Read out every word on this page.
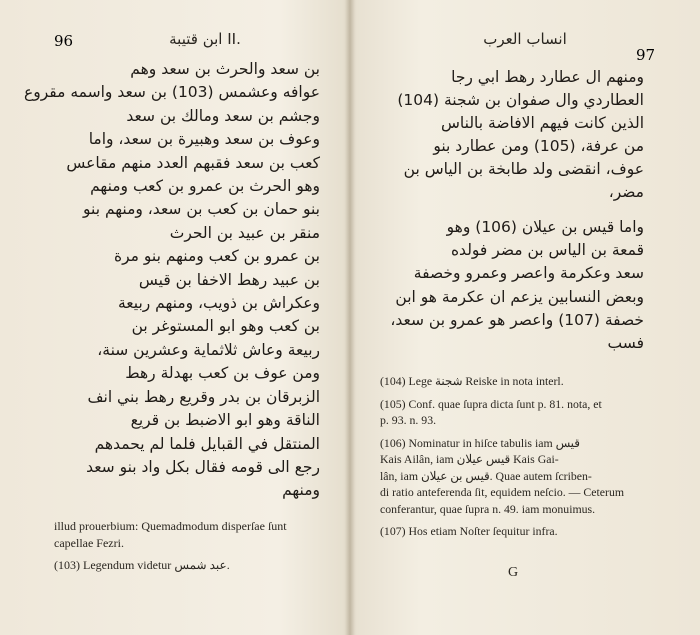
96	ابن قتيبة II.
بن سعد والحرث بن سعد وهم
عوافه وعشمس (103) بن سعد واسمه مقروع
وجشم بن سعد ومالك بن سعد
وعوف بن سعد وهبيرة بن سعد، واما
كعب بن سعد فقبهم العدد منهم مقاعس
وهو الحرث بن عمرو بن كعب ومنهم
بنو حمان بن كعب بن سعد، ومنهم بنو
منقر بن عبيد بن الحرث
بن عمرو بن كعب ومنهم بنو مرة
بن عبيد رهط الاخفا بن قيس
وعكراش بن ذويب، ومنهم ربيعة
بن كعب وهو ابو المستوغر بن
ربيعة وعاش ثلاثماية وعشرين سنة،
ومن عوف بن كعب بهدلة رهط
الزبرقان بن بدر وقريع رهط بني انف
الناقة وهو ابو الاضبط بن قريع
المنتقل في القبايل فلما لم يحمدهم
رجع الى قومه فقال بكل واد بنو سعد
ومنهم
illud prouerbium: Quemadmodum disperſae ſunt
capellae Fezri.
(103) Legendum videtur عبد شمس.
انساب العرب
97
ومنهم ال عطارد رهط ابي رجا
العطاردي وال صفوان بن شجنة (104)
الذين كانت فيهم الافاضة بالناس
من عرفة، (105) ومن عطارد بنو
عوف، انقضى ولد طابخة بن الياس بن
مضر،
واما قيس بن عيلان (106) وهو
قمعة بن الياس بن مضر فولده
سعد وعكرمة واعصر وعمرو وخصفة
وبعض النسابين يزعم ان عكرمة هو ابن
خصفة (107) واعصر هو عمرو بن سعد،
فسب
(104) Lege شجنة Reiske in nota interl.
(105) Conf. quae ſupra dicta ſunt p. 81. nota, et
p. 93. n. 93.
(106) Nominatur in hiſce tabulis iam قيس
Kais Ailân, iam قيس عيلان Kais Gai-
lân, iam قيس بن عيلان. Quae autem ſcriben-
di ratio anteferenda ſit, equidem neſcio. — Ceterum
conferantur, quae ſupra n. 49. iam monuimus.
(107) Hos etiam Noſter ſequitur infra.
G
